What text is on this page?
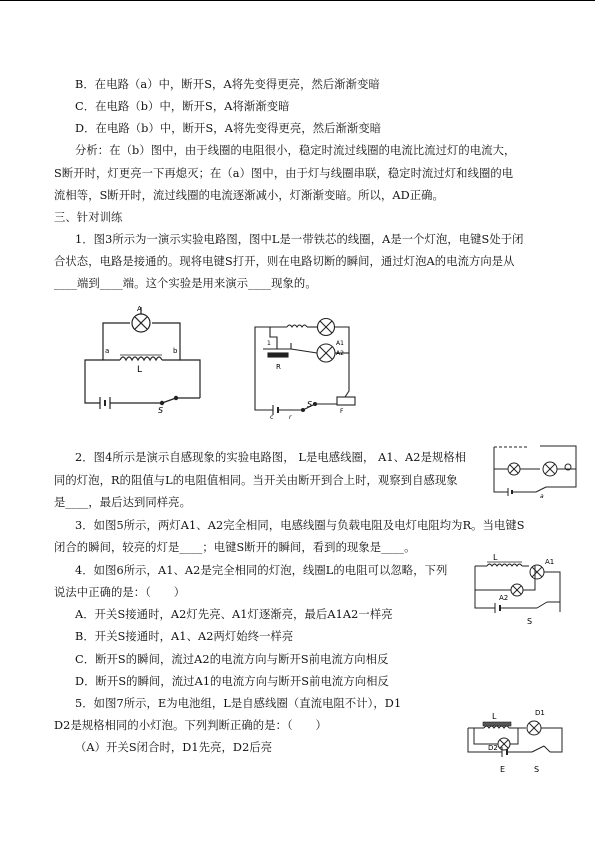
B．在电路（a）中，断开S，A将先变得更亮，然后渐渐变暗
C．在电路（b）中，断开S，A将渐渐变暗
D．在电路（b）中，断开S，A将先变得更亮，然后渐渐变暗
分析：在（b）图中，由于线圈的电阻很小，稳定时流过线圈的电流比流过灯的电流大，
S断开时，灯更亮一下再熄灭；在（a）图中，由于灯与线圈串联，稳定时流过灯和线圈的电
流相等，S断开时，流过线圈的电流逐渐减小，灯渐渐变暗。所以，AD正确。
三、针对训练
1．图3所示为一演示实验电路图，图中L是一带铁芯的线圈，A是一个灯泡，电键S处于闭
合状态，电路是接通的。现将电键S打开，则在电路切断的瞬间，通过灯泡A的电流方向是从
____端到____端。这个实验是用来演示____现象的。
2．图4所示是演示自感现象的实验电路图， L是电感线圈， A1、A2是规格相
同的灯泡，R的阻值与L的电阻值相同。当开关由断开到合上时，观察到自感现象
是____，最后达到同样亮。
3．如图5所示，两灯A1、A2完全相同，电感线圈与负载电阻及电灯电阻均为R。当电键S
闭合的瞬间，较亮的灯是____；电键S断开的瞬间，看到的现象是____。
4．如图6所示，A1、A2是完全相同的灯泡，线圈L的电阻可以忽略，下列
说法中正确的是：（　　）
A．开关S接通时，A2灯先亮、A1灯逐渐亮，最后A1A2一样亮
B．开关S接通时，A1、A2两灯始终一样亮
C．断开S的瞬间，流过A2的电流方向与断开S前电流方向相反
D．断开S的瞬间，流过A1的电流方向与断开S前电流方向相反
5．如图7所示，E为电池组，L是自感线圈（直流电阻不计），D1
D2是规格相同的小灯泡。下列判断正确的是：（　　）
（A）开关S闭合时，D1先亮，D2后亮
A
a	b
L
S
1
R
A1
A2
c	r
S
F
a
L	A1
A2
S
L	D1
D2
E	S
